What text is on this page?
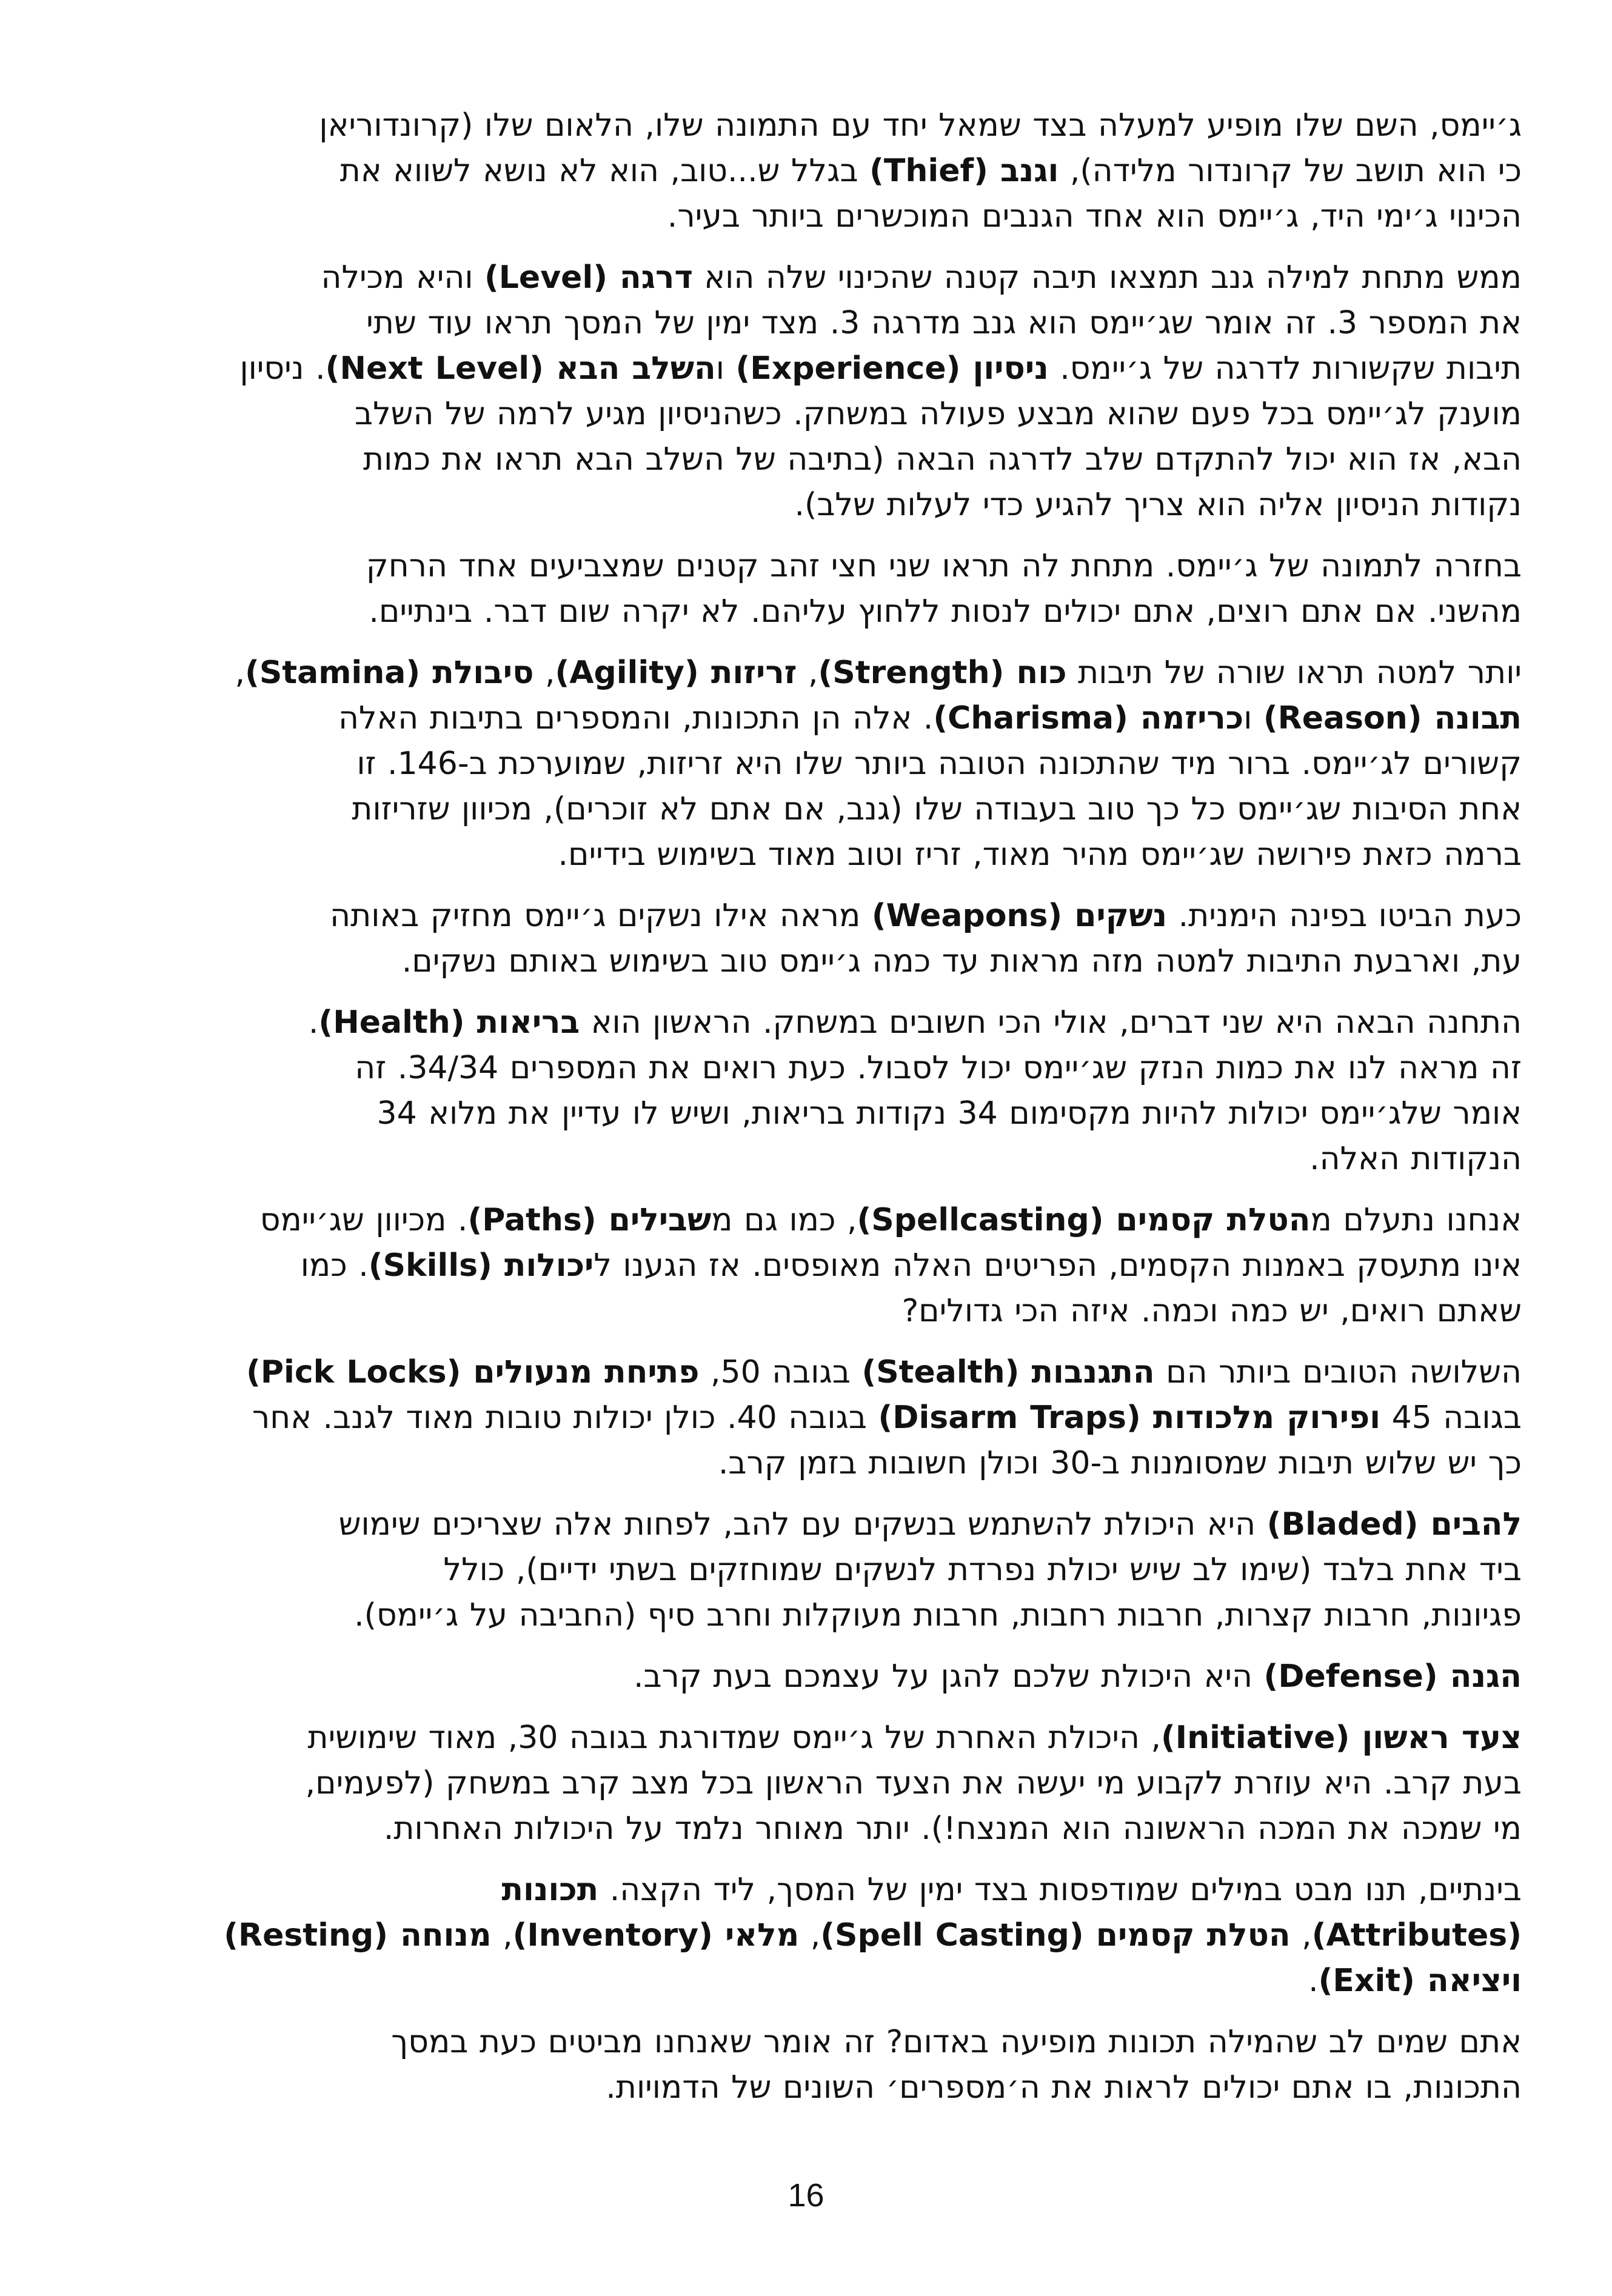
ג׳יימס, השם שלו מופיע למעלה בצד שמאל יחד עם התמונה שלו, הלאום שלו (קרונדוריאן
כי הוא תושב של קרונדור מלידה), וגנב (Thief) בגלל ש...טוב, הוא לא נושא לשווא את
הכינוי ג׳ימי היד, ג׳יימס הוא אחד הגנבים המוכשרים ביותר בעיר.

ממש מתחת למילה גנב תמצאו תיבה קטנה שהכינוי שלה הוא דרגה (Level) והיא מכילה
את המספר 3. זה אומר שג׳יימס הוא גנב מדרגה 3. מצד ימין של המסך תראו עוד שתי
תיבות שקשורות לדרגה של ג׳יימס. ניסיון (Experience) והשלב הבא (Next Level). ניסיון
מוענק לג׳יימס בכל פעם שהוא מבצע פעולה במשחק. כשהניסיון מגיע לרמה של השלב
הבא, אז הוא יכול להתקדם שלב לדרגה הבאה (בתיבה של השלב הבא תראו את כמות
נקודות הניסיון אליה הוא צריך להגיע כדי לעלות שלב).

בחזרה לתמונה של ג׳יימס. מתחת לה תראו שני חצי זהב קטנים שמצביעים אחד הרחק
מהשני. אם אתם רוצים, אתם יכולים לנסות ללחוץ עליהם. לא יקרה שום דבר. בינתיים.

יותר למטה תראו שורה של תיבות כוח (Strength), זריזות (Agility), סיבולת (Stamina),
תבונה (Reason) וכריזמה (Charisma). אלה הן התכונות, והמספרים בתיבות האלה
קשורים לג׳יימס. ברור מיד שהתכונה הטובה ביותר שלו היא זריזות, שמוערכת ב-146. זו
אחת הסיבות שג׳יימס כל כך טוב בעבודה שלו (גנב, אם אתם לא זוכרים), מכיוון שזריזות
ברמה כזאת פירושה שג׳יימס מהיר מאוד, זריז וטוב מאוד בשימוש בידיים.

כעת הביטו בפינה הימנית. נשקים (Weapons) מראה אילו נשקים ג׳יימס מחזיק באותה
עת, וארבעת התיבות למטה מזה מראות עד כמה ג׳יימס טוב בשימוש באותם נשקים.

התחנה הבאה היא שני דברים, אולי הכי חשובים במשחק. הראשון הוא בריאות (Health).
זה מראה לנו את כמות הנזק שג׳יימס יכול לסבול. כעת רואים את המספרים 34/34. זה
אומר שלג׳יימס יכולות להיות מקסימום 34 נקודות בריאות, ושיש לו עדיין את מלוא 34
הנקודות האלה.

אנחנו נתעלם מהטלת קסמים (Spellcasting), כמו גם משבילים (Paths). מכיוון שג׳יימס
אינו מתעסק באמנות הקסמים, הפריטים האלה מאופסים. אז הגענו ליכולות (Skills). כמו
שאתם רואים, יש כמה וכמה. איזה הכי גדולים?

השלושה הטובים ביותר הם התגנבות (Stealth) בגובה 50, פתיחת מנעולים (Pick Locks)
בגובה 45 ופירוק מלכודות (Disarm Traps) בגובה 40. כולן יכולות טובות מאוד לגנב. אחר
כך יש שלוש תיבות שמסומנות ב-30 וכולן חשובות בזמן קרב.

להבים (Bladed) היא היכולת להשתמש בנשקים עם להב, לפחות אלה שצריכים שימוש
ביד אחת בלבד (שימו לב שיש יכולת נפרדת לנשקים שמוחזקים בשתי ידיים), כולל
פגיונות, חרבות קצרות, חרבות רחבות, חרבות מעוקלות וחרב סיף (החביבה על ג׳יימס).

הגנה (Defense) היא היכולת שלכם להגן על עצמכם בעת קרב.

צעד ראשון (Initiative), היכולת האחרת של ג׳יימס שמדורגת בגובה 30, מאוד שימושית
בעת קרב. היא עוזרת לקבוע מי יעשה את הצעד הראשון בכל מצב קרב במשחק (לפעמים,
מי שמכה את המכה הראשונה הוא המנצח!). יותר מאוחר נלמד על היכולות האחרות.

בינתיים, תנו מבט במילים שמודפסות בצד ימין של המסך, ליד הקצה. תכונות
(Attributes), הטלת קסמים (Spell Casting), מלאי (Inventory), מנוחה (Resting)
ויציאה (Exit).

אתם שמים לב שהמילה תכונות מופיעה באדום? זה אומר שאנחנו מביטים כעת במסך
התכונות, בו אתם יכולים לראות את ה׳מספרים׳ השונים של הדמויות.

16
